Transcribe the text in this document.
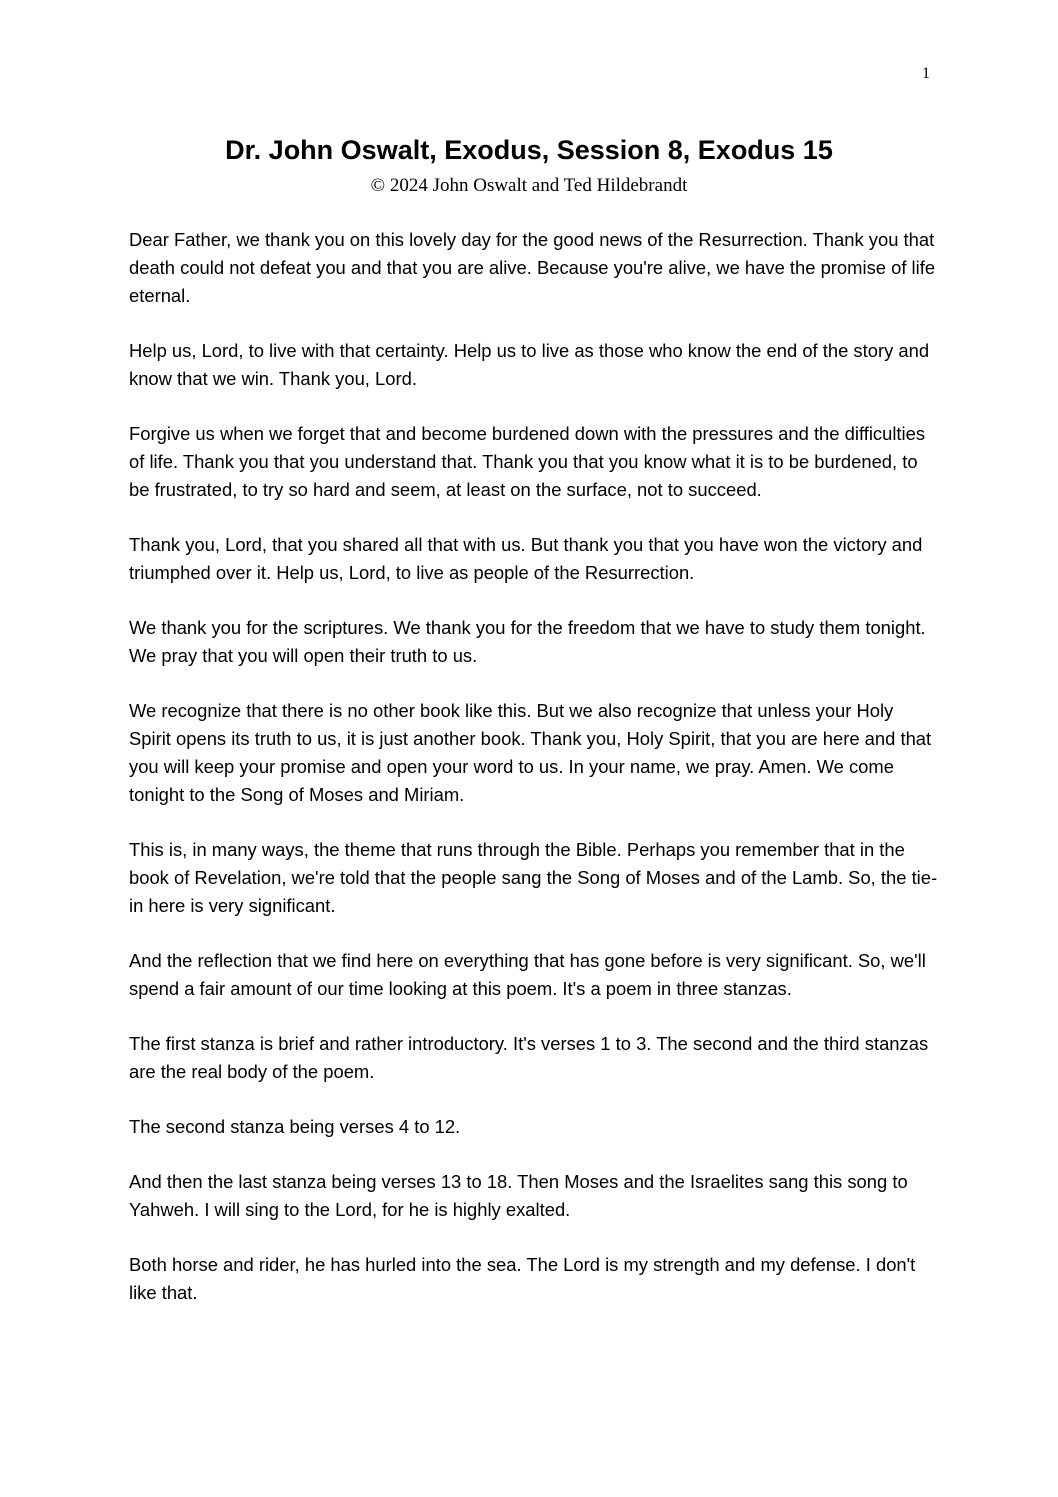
1
Dr. John Oswalt, Exodus, Session 8, Exodus 15
© 2024 John Oswalt and Ted Hildebrandt

Dear Father, we thank you on this lovely day for the good news of the Resurrection. Thank you that death could not defeat you and that you are alive. Because you're alive, we have the promise of life eternal.

Help us, Lord, to live with that certainty. Help us to live as those who know the end of the story and know that we win. Thank you, Lord.

Forgive us when we forget that and become burdened down with the pressures and the difficulties of life. Thank you that you understand that. Thank you that you know what it is to be burdened, to be frustrated, to try so hard and seem, at least on the surface, not to succeed.

Thank you, Lord, that you shared all that with us. But thank you that you have won the victory and triumphed over it. Help us, Lord, to live as people of the Resurrection.

We thank you for the scriptures. We thank you for the freedom that we have to study them tonight. We pray that you will open their truth to us.

We recognize that there is no other book like this. But we also recognize that unless your Holy Spirit opens its truth to us, it is just another book. Thank you, Holy Spirit, that you are here and that you will keep your promise and open your word to us. In your name, we pray. Amen. We come tonight to the Song of Moses and Miriam.

This is, in many ways, the theme that runs through the Bible. Perhaps you remember that in the book of Revelation, we're told that the people sang the Song of Moses and of the Lamb. So, the tie-in here is very significant.

And the reflection that we find here on everything that has gone before is very significant. So, we'll spend a fair amount of our time looking at this poem. It's a poem in three stanzas.

The first stanza is brief and rather introductory. It's verses 1 to 3. The second and the third stanzas are the real body of the poem.

The second stanza being verses 4 to 12.

And then the last stanza being verses 13 to 18. Then Moses and the Israelites sang this song to Yahweh. I will sing to the Lord, for he is highly exalted.

Both horse and rider, he has hurled into the sea. The Lord is my strength and my defense. I don't like that.
